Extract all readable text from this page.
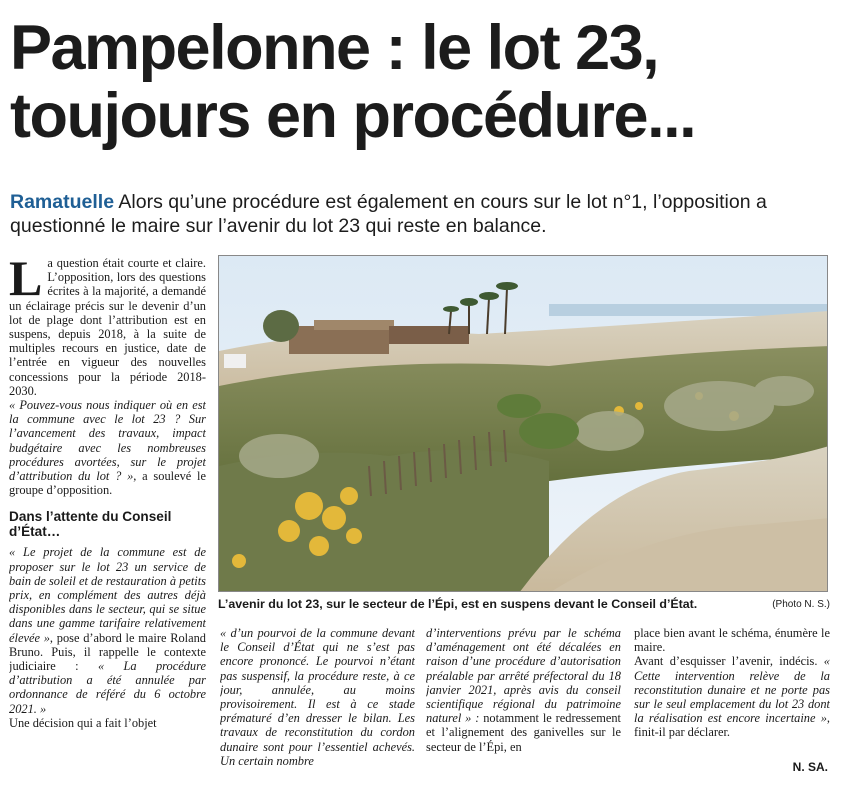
Pampelonne : le lot 23,
toujours en procédure...
Ramatuelle Alors qu’une procédure est également en cours sur le lot n°1, l’opposition a questionné le maire sur l’avenir du lot 23 qui reste en balance.

La question était courte et claire. L’opposition, lors des questions écrites à la majorité, a demandé un éclairage précis sur le devenir d’un lot de plage dont l’attribution est en suspens, depuis 2018, à la suite de multiples recours en justice, date de l’entrée en vigueur des nouvelles concessions pour la période 2018-2030.

« Pouvez-vous nous indiquer où en est la commune avec le lot 23 ? Sur l’avancement des travaux, impact budgétaire avec les nombreuses procédures avortées, sur le projet d’attribution du lot ? », a soulevé le groupe d’opposition.

Dans l’attente du Conseil d’État…

« Le projet de la commune est de proposer sur le lot 23 un service de bain de soleil et de restauration à petits prix, en complément des autres déjà disponibles dans le secteur, qui se situe dans une gamme tarifaire relativement élevée », pose d’abord le maire Roland Bruno. Puis, il rappelle le contexte judiciaire : « La procédure d’attribution a été annulée par ordonnance de référé du 6 octobre 2021. »

Une décision qui a fait l’objet

L’avenir du lot 23, sur le secteur de l’Épi, est en suspens devant le Conseil d’État.	(Photo N. S.)

« d’un pourvoi de la commune devant le Conseil d’État qui ne s’est pas encore prononcé. Le pourvoi n’étant pas suspensif, la procédure reste, à ce jour, annulée, au moins provisoirement. Il est à ce stade prématuré d’en dresser le bilan. Les travaux de reconstitution du cordon dunaire sont pour l’essentiel achevés. Un certain nombre

d’interventions prévu par le schéma d’aménagement ont été décalées en raison d’une procédure d’autorisation préalable par arrêté préfectoral du 18 janvier 2021, après avis du conseil scientifique régional du patrimoine naturel » : notamment le redressement et l’alignement des ganivelles sur le secteur de l’Épi, en

place bien avant le schéma, énumère le maire.

Avant d’esquisser l’avenir, indécis. « Cette intervention relève de la reconstitution dunaire et ne porte pas sur le seul emplacement du lot 23 dont la réalisation est encore incertaine », finit-il par déclarer.

N. SA.
